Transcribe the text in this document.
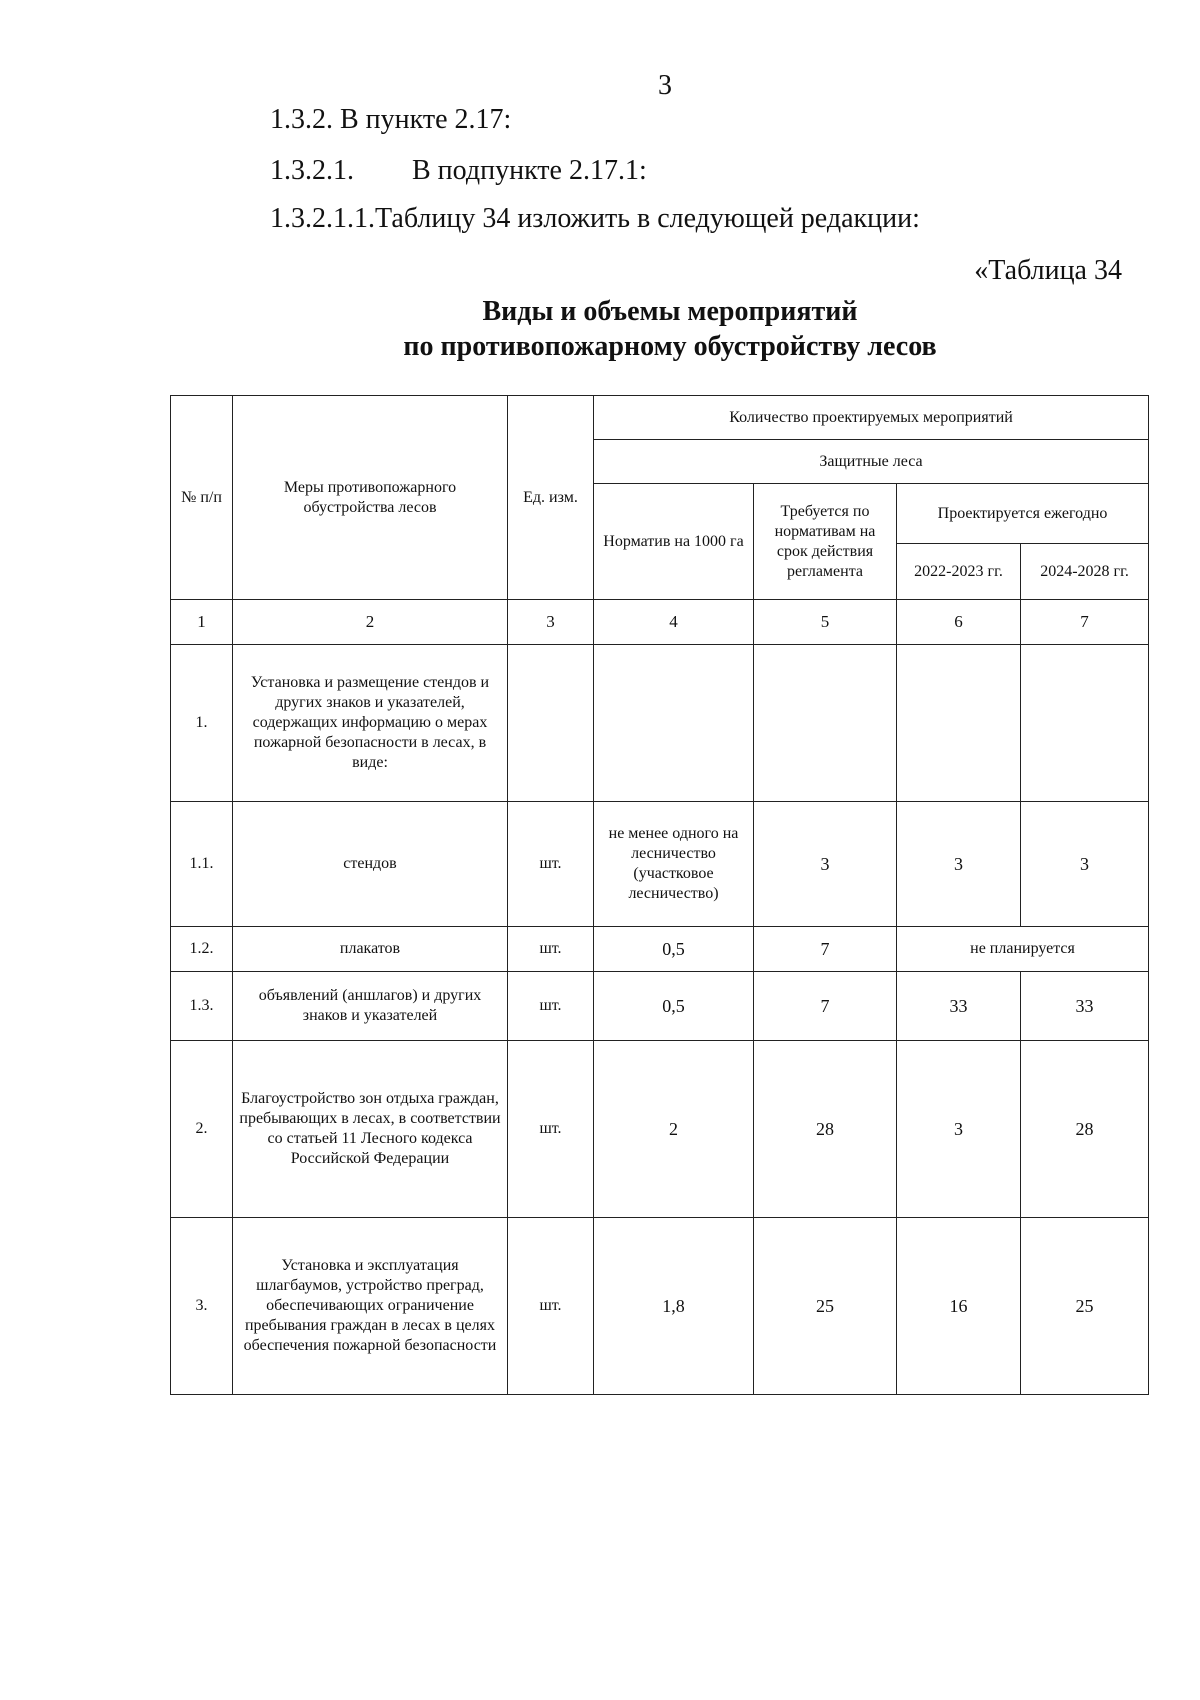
3
1.3.2. В пункте 2.17:
1.3.2.1. В подпункте 2.17.1:
1.3.2.1.1.Таблицу 34 изложить в следующей редакции:
«Таблица 34
Виды и объемы мероприятий
по противопожарному обустройству лесов
№ п/п	Меры противопожарного обустройства лесов	Ед. изм.	Количество проектируемых мероприятий			
			Защитные леса			
			Норматив на 1000 га	Требуется по нормативам на срок действия регламента	Проектируется ежегодно	
					2022-2023 гг.	2024-2028 гг.
1	2	3	4	5	6	7
1.	Установка и размещение стендов и других знаков и указателей, содержащих информацию о мерах пожарной безопасности в лесах, в виде:					
1.1.	стендов	шт.	не менее одного на лесничество (участковое лесничество)	3	3	3
1.2.	плакатов	шт.	0,5	7	не планируется	
1.3.	объявлений (аншлагов) и других знаков и указателей	шт.	0,5	7	33	33
2.	Благоустройство зон отдыха граждан, пребывающих в лесах, в соответствии со статьей 11 Лесного кодекса Российской Федерации	шт.	2	28	3	28
3.	Установка и эксплуатация шлагбаумов, устройство преград, обеспечивающих ограничение пребывания граждан в лесах в целях обеспечения пожарной безопасности	шт.	1,8	25	16	25
